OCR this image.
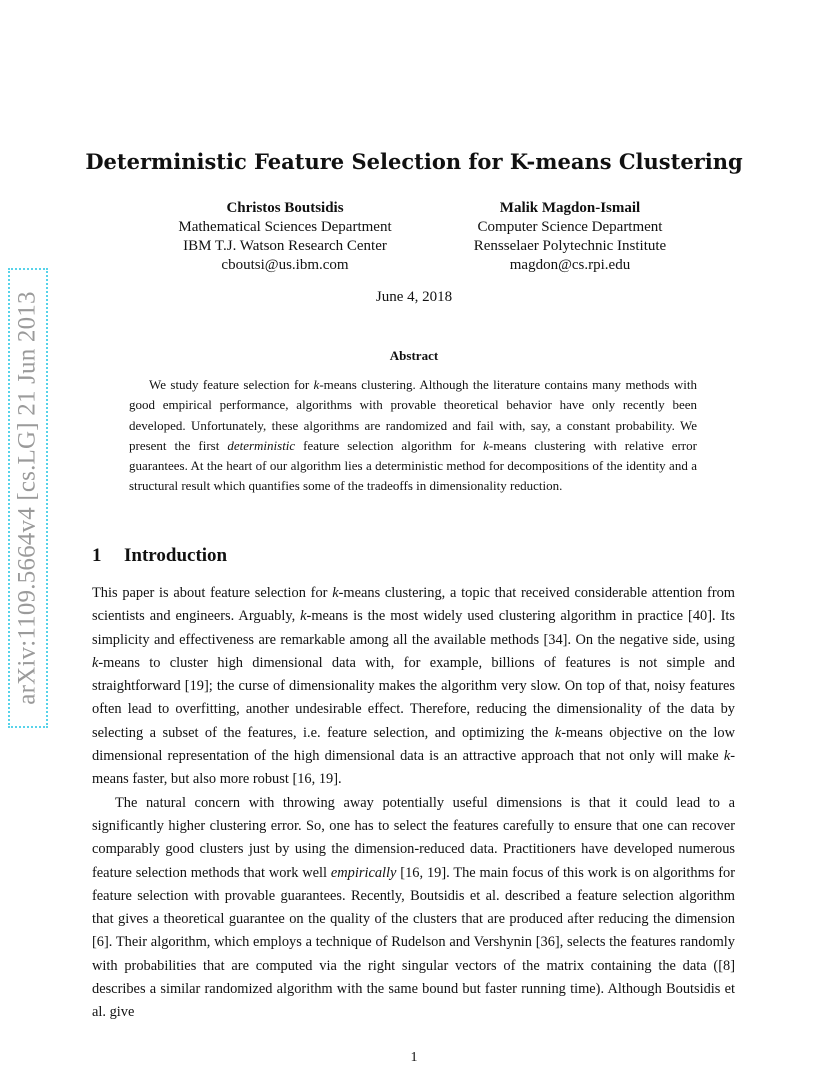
arXiv:1109.5664v4 [cs.LG] 21 Jun 2013
Deterministic Feature Selection for K-means Clustering
Christos Boutsidis
Mathematical Sciences Department
IBM T.J. Watson Research Center
cboutsi@us.ibm.com
Malik Magdon-Ismail
Computer Science Department
Rensselaer Polytechnic Institute
magdon@cs.rpi.edu
June 4, 2018
Abstract

We study feature selection for k-means clustering. Although the literature contains many methods with good empirical performance, algorithms with provable theoretical behavior have only recently been developed. Unfortunately, these algorithms are randomized and fail with, say, a constant probability. We present the first deterministic feature selection algorithm for k-means clustering with relative error guarantees. At the heart of our algorithm lies a deterministic method for decompositions of the identity and a structural result which quantifies some of the tradeoffs in dimensionality reduction.

1 Introduction

This paper is about feature selection for k-means clustering, a topic that received considerable attention from scientists and engineers. Arguably, k-means is the most widely used clustering algorithm in practice [40]. Its simplicity and effectiveness are remarkable among all the available methods [34]. On the negative side, using k-means to cluster high dimensional data with, for example, billions of features is not simple and straightforward [19]; the curse of dimensionality makes the algorithm very slow. On top of that, noisy features often lead to overfitting, another undesirable effect. Therefore, reducing the dimensionality of the data by selecting a subset of the features, i.e. feature selection, and optimizing the k-means objective on the low dimensional representation of the high dimensional data is an attractive approach that not only will make k-means faster, but also more robust [16, 19].

The natural concern with throwing away potentially useful dimensions is that it could lead to a significantly higher clustering error. So, one has to select the features carefully to ensure that one can recover comparably good clusters just by using the dimension-reduced data. Practitioners have developed numerous feature selection methods that work well empirically [16, 19]. The main focus of this work is on algorithms for feature selection with provable guarantees. Recently, Boutsidis et al. described a feature selection algorithm that gives a theoretical guarantee on the quality of the clusters that are produced after reducing the dimension [6]. Their algorithm, which employs a technique of Rudelson and Vershynin [36], selects the features randomly with probabilities that are computed via the right singular vectors of the matrix containing the data ([8] describes a similar randomized algorithm with the same bound but faster running time). Although Boutsidis et al. give

1
